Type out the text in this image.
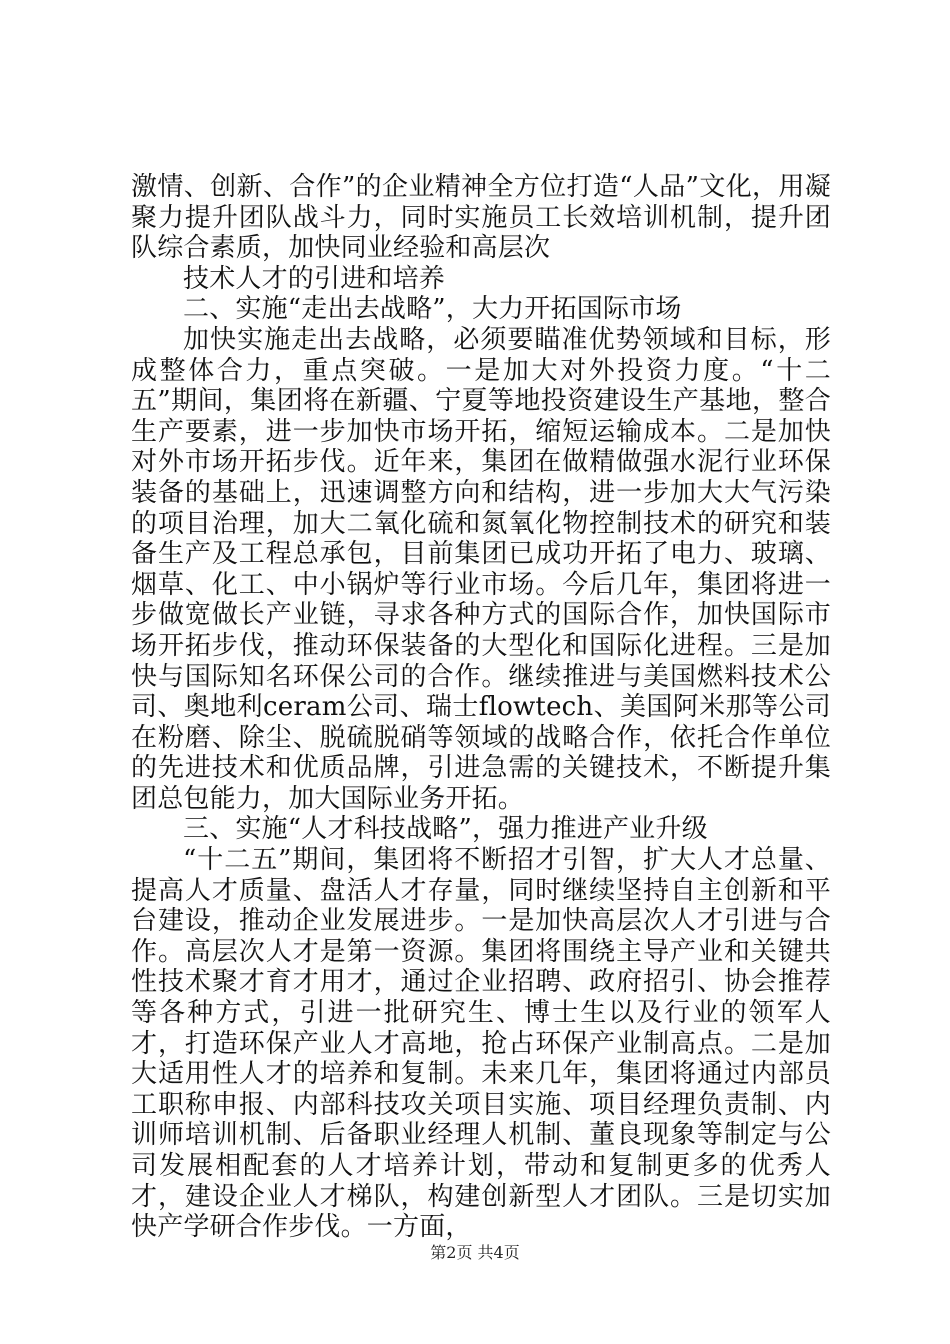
激情、创新、合作”的企业精神全方位打造“人品”文化，用凝聚力提升团队战斗力，同时实施员工长效培训机制，提升团队综合素质，加快同业经验和高层次

技术人才的引进和培养

二、实施“走出去战略”，大力开拓国际市场

加快实施走出去战略，必须要瞄准优势领域和目标，形成整体合力，重点突破。一是加大对外投资力度。“十二五”期间，集团将在新疆、宁夏等地投资建设生产基地，整合生产要素，进一步加快市场开拓，缩短运输成本。二是加快对外市场开拓步伐。近年来，集团在做精做强水泥行业环保装备的基础上，迅速调整方向和结构，进一步加大大气污染的项目治理，加大二氧化硫和氮氧化物控制技术的研究和装备生产及工程总承包，目前集团已成功开拓了电力、玻璃、烟草、化工、中小锅炉等行业市场。今后几年，集团将进一步做宽做长产业链，寻求各种方式的国际合作，加快国际市场开拓步伐，推动环保装备的大型化和国际化进程。三是加快与国际知名环保公司的合作。继续推进与美国燃料技术公司、奥地利ceram公司、瑞士flowtech、美国阿米那等公司在粉磨、除尘、脱硫脱硝等领域的战略合作，依托合作单位的先进技术和优质品牌，引进急需的关键技术，不断提升集团总包能力，加大国际业务开拓。

三、实施“人才科技战略”，强力推进产业升级

“十二五”期间，集团将不断招才引智，扩大人才总量、提高人才质量、盘活人才存量，同时继续坚持自主创新和平台建设，推动企业发展进步。一是加快高层次人才引进与合作。高层次人才是第一资源。集团将围绕主导产业和关键共性技术聚才育才用才，通过企业招聘、政府招引、协会推荐等各种方式，引进一批研究生、博士生以及行业的领军人才，打造环保产业人才高地，抢占环保产业制高点。二是加大适用性人才的培养和复制。未来几年，集团将通过内部员工职称申报、内部科技攻关项目实施、项目经理负责制、内训师培训机制、后备职业经理人机制、董良现象等制定与公司发展相配套的人才培养计划，带动和复制更多的优秀人才，建设企业人才梯队，构建创新型人才团队。三是切实加快产学研合作步伐。一方面，

第2页 共4页
